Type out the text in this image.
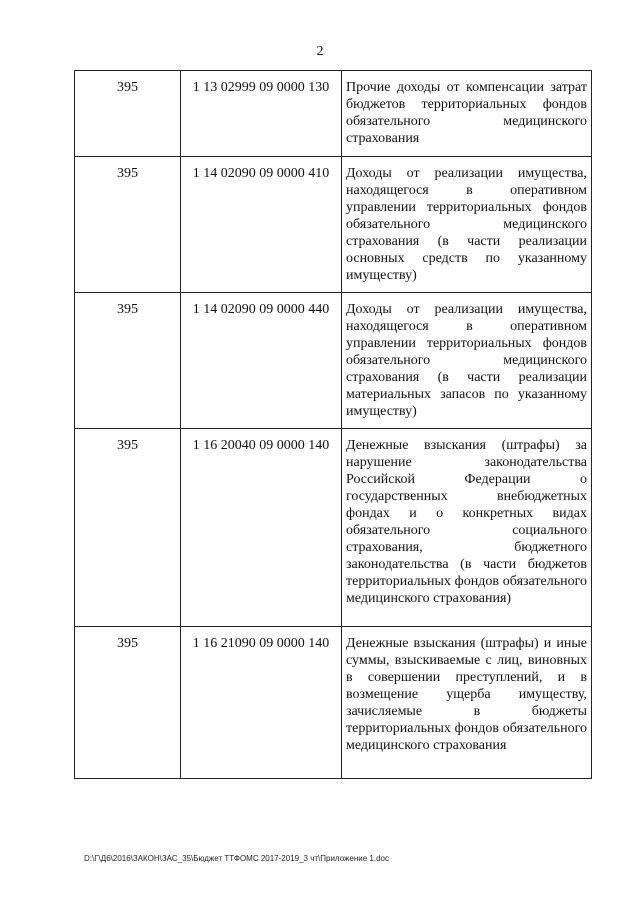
2
395	1 13 02999 09 0000 130	Прочие доходы от компенсации затрат бюджетов территориальных фондов обязательного медицинского страхования
395	1 14 02090 09 0000 410	Доходы от реализации имущества, находящегося в оперативном управлении территориальных фондов обязательного медицинского страхования (в части реализации основных средств по указанному имуществу)
395	1 14 02090 09 0000 440	Доходы от реализации имущества, находящегося в оперативном управлении территориальных фондов обязательного медицинского страхования (в части реализации материальных запасов по указанному имуществу)
395	1 16 20040 09 0000 140	Денежные взыскания (штрафы) за нарушение законодательства Российской Федерации о государственных внебюджетных фондах и о конкретных видах обязательного социального страхования, бюджетного законодательства (в части бюджетов территориальных фондов обязательного медицинского страхования)
395	1 16 21090 09 0000 140	Денежные взыскания (штрафы) и иные суммы, взыскиваемые с лиц, виновных в совершении преступлений, и в возмещение ущерба имуществу, зачисляемые в бюджеты территориальных фондов обязательного медицинского страхования
D:\Г\Д6\2016\ЗАКОН\ЗАС_35\Бюджет ТТФОМС 2017-2019_3 чт\Приложение 1.doc
